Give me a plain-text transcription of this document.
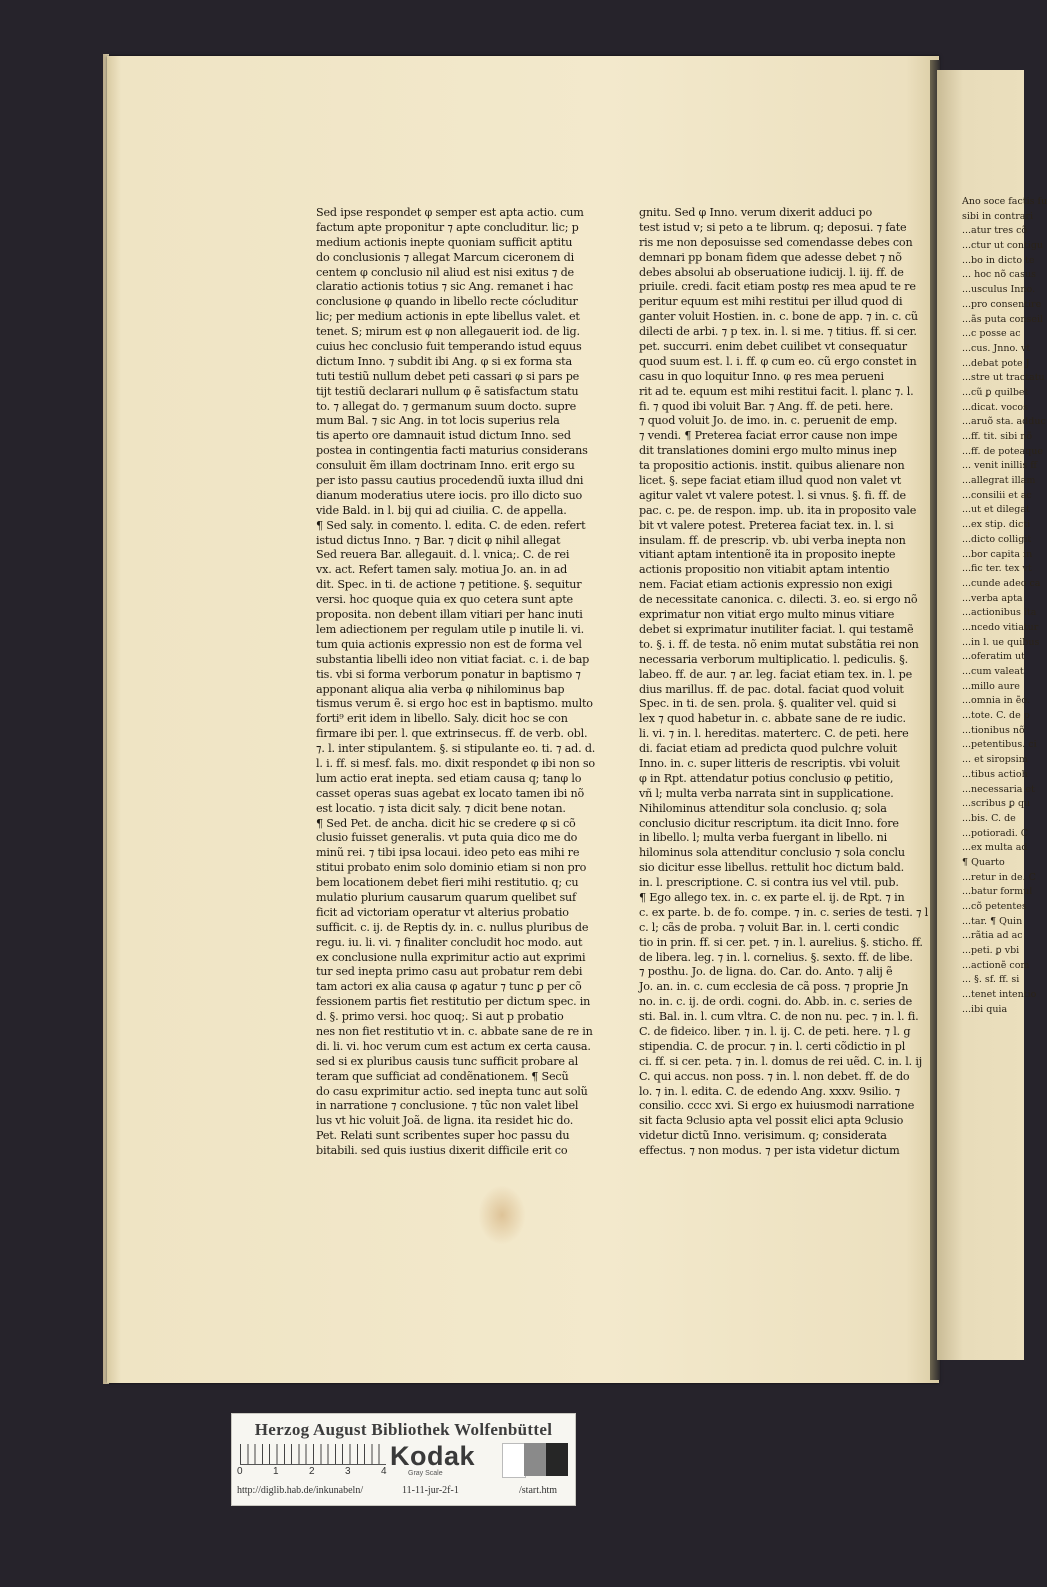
Sed ipse respondet φ semper est apta actio. cum
factum apte proponitur ⁊ apte concluditur. lic; p
medium actionis inepte quoniam sufficit aptitu
do conclusionis ⁊ allegat Marcum ciceronem di
centem φ conclusio nil aliud est nisi exitus ⁊ de
claratio actionis totius ⁊ sic Ang. remanet i hac
conclusione φ quando in libello recte cócluditur
lic; per medium actionis in epte libellus valet. et
tenet. S; mirum est φ non allegauerit iod. de lig.
cuius hec conclusio fuit temperando istud equus
dictum Inno. ⁊ subdit ibi Ang. φ si ex forma sta
tuti testiũ nullum debet peti cassari φ si pars pe
tijt testiũ declarari nullum φ ẽ satisfactum statu
to. ⁊ allegat do. ⁊ germanum suum docto. supre
mum Bal. ⁊ sic Ang. in tot locis superius rela
tis aperto ore damnauit istud dictum Inno. sed
postea in contingentia facti maturius considerans
consuluit ẽm illam doctrinam Inno. erit ergo su
per isto passu cautius procedendũ iuxta illud dni
dianum moderatius utere iocis. pro illo dicto suo
vide Bald. in l. bij qui ad ciuilia. C. de appella.
¶ Sed saly. in comento. l. edita. C. de eden. refert
istud dictus Inno. ⁊ Bar. ⁊ dicit φ nihil allegat
Sed reuera Bar. allegauit. d. l. vnica;. C. de rei
vx. act. Refert tamen saly. motiua Jo. an. in ad
dit. Spec. in ti. de actione ⁊ petitione. §. sequitur
versi. hoc quoque quia ex quo cetera sunt apte
proposita. non debent illam vitiari per hanc inuti
lem adiectionem per regulam utile p inutile li. vi.
tum quia actionis expressio non est de forma vel
substantia libelli ideo non vitiat faciat. c. i. de bap
tis. vbi si forma verborum ponatur in baptismo ⁊
apponant aliqua alia verba φ nihilominus bap
tismus verum ẽ. si ergo hoc est in baptismo. multo
forti⁹ erit idem in libello. Saly. dicit hoc se con
firmare ibi per. l. que extrinsecus. ff. de verb. obl.
⁊. l. inter stipulantem. §. si stipulante eo. ti. ⁊ ad. d.
l. i. ff. si mesf. fals. mo. dixit respondet φ ibi non so
lum actio erat inepta. sed etiam causa q; tanφ lo
casset operas suas agebat ex locato tamen ibi nõ
est locatio. ⁊ ista dicit saly. ⁊ dicit bene notan.
¶ Sed Pet. de ancha. dicit hic se credere φ si cõ
clusio fuisset generalis. vt puta quia dico me do
minũ rei. ⁊ tibi ipsa locaui. ideo peto eas mihi re
stitui probato enim solo dominio etiam si non pro
bem locationem debet fieri mihi restitutio. q; cu
mulatio plurium causarum quarum quelibet suf
ficit ad victoriam operatur vt alterius probatio
sufficit. c. ij. de Reptis dy. in. c. nullus pluribus de
regu. iu. li. vi. ⁊ finaliter concludit hoc modo. aut
ex conclusione nulla exprimitur actio aut exprimi
tur sed inepta primo casu aut probatur rem debi
tam actori ex alia causa φ agatur ⁊ tunc ꝑ per cõ
fessionem partis fiet restitutio per dictum spec. in
d. §. primo versi. hoc quoq;. Si aut p probatio
nes non fiet restitutio vt in. c. abbate sane de re in
di. li. vi. hoc verum cum est actum ex certa causa.
sed si ex pluribus causis tunc sufficit probare al
teram que sufficiat ad condẽnationem. ¶ Secũ
do casu exprimitur actio. sed inepta tunc aut solũ
in narratione ⁊ conclusione. ⁊ tũc non valet libel
lus vt hic voluit Joã. de ligna. ita residet hic do.
Pet. Relati sunt scribentes super hoc passu du
bitabili. sed quis iustius dixerit difficile erit co
gnitu. Sed φ Inno. verum dixerit adduci po
test istud v; si peto a te librum. q; deposui. ⁊ fate
ris me non deposuisse sed comendasse debes con
demnari pp bonam fidem que adesse debet ⁊ nõ
debes absolui ab obseruatione iudicij. l. iij. ff. de
priuile. credi. facit etiam postφ res mea apud te re
peritur equum est mihi restitui per illud quod di
ganter voluit Hostien. in. c. bone de app. ⁊ in. c. cũ
dilecti de arbi. ⁊ p tex. in. l. si me. ⁊ titius. ff. si cer.
pet. succurri. enim debet cuilibet vt consequatur
quod suum est. l. i. ff. φ cum eo. cũ ergo constet in
casu in quo loquitur Inno. φ res mea perueni
rit ad te. equum est mihi restitui facit. l. planc ⁊. l.
fi. ⁊ quod ibi voluit Bar. ⁊ Ang. ff. de peti. here.
⁊ quod voluit Jo. de imo. in. c. peruenit de emp.
⁊ vendi. ¶ Preterea faciat error cause non impe
dit translationes domini ergo multo minus inep
ta propositio actionis. instit. quibus alienare non
licet. §. sepe faciat etiam illud quod non valet vt
agitur valet vt valere potest. l. si vnus. §. fi. ff. de
pac. c. pe. de respon. imp. ub. ita in proposito vale
bit vt valere potest. Preterea faciat tex. in. l. si
insulam. ff. de prescrip. vb. ubi verba inepta non
vitiant aptam intentionẽ ita in proposito inepte
actionis propositio non vitiabit aptam intentio
nem. Faciat etiam actionis expressio non exigi
de necessitate canonica. c. dilecti. 3. eo. si ergo nõ
exprimatur non vitiat ergo multo minus vitiare
debet si exprimatur inutiliter faciat. l. qui testamẽ
to. §. i. ff. de testa. nõ enim mutat substãtia rei non
necessaria verborum multiplicatio. l. pediculis. §.
labeo. ff. de aur. ⁊ ar. leg. faciat etiam tex. in. l. pe
dius marillus. ff. de pac. dotal. faciat quod voluit
Spec. in ti. de sen. prola. §. qualiter vel. quid si
lex ⁊ quod habetur in. c. abbate sane de re iudic.
li. vi. ⁊ in. l. hereditas. materterc. C. de peti. here
di. faciat etiam ad predicta quod pulchre voluit
Inno. in. c. super litteris de rescriptis. vbi voluit
φ in Rpt. attendatur potius conclusio φ petitio,
vñ l; multa verba narrata sint in supplicatione.
Nihilominus attenditur sola conclusio. q; sola
conclusio dicitur rescriptum. ita dicit Inno. fore
in libello. l; multa verba fuergant in libello. ni
hilominus sola attenditur conclusio ⁊ sola conclu
sio dicitur esse libellus. rettulit hoc dictum bald.
in. l. prescriptione. C. si contra ius vel vtil. pub.
¶ Ego allego tex. in. c. ex parte el. ij. de Rpt. ⁊ in
c. ex parte. b. de fo. compe. ⁊ in. c. series de testi. ⁊ l
c. l; cãs de proba. ⁊ voluit Bar. in. l. certi condic
tio in prin. ff. si cer. pet. ⁊ in. l. aurelius. §. sticho. ff.
de libera. leg. ⁊ in. l. cornelius. §. sexto. ff. de libe.
⁊ posthu. Jo. de ligna. do. Car. do. Anto. ⁊ alij ẽ
Jo. an. in. c. cum ecclesia de cã poss. ⁊ proprie Jn
no. in. c. ij. de ordi. cogni. do. Abb. in. c. series de
sti. Bal. in. l. cum vltra. C. de non nu. pec. ⁊ in. l. fi.
C. de fideico. liber. ⁊ in. l. ij. C. de peti. here. ⁊ l. g
stipendia. C. de procur. ⁊ in. l. certi cõdictio in pl
ci. ff. si cer. peta. ⁊ in. l. domus de rei uẽd. C. in. l. ij
C. qui accus. non poss. ⁊ in. l. non debet. ff. de do
lo. ⁊ in. l. edita. C. de edendo Ang. xxxv. 9silio. ⁊
consilio. cccc xvi. Si ergo ex huiusmodi narratione
sit facta 9clusio apta vel possit elici apta 9clusio
videtur dictũ Inno. verisimum. q; considerata
effectus. ⁊ non modus. ⁊ per ista videtur dictum
Ano soce factis fu
sibi in contrari
...atur tres cõ
...ctur ut contigu
...bo in dicto te
... hoc nõ casus
...usculus Inno.
...pro consentire
...ãs puta conseil
...c posse ac
...cus. Jnno. vt
...debat pote J
...stre ut tractatu
...cũ ꝑ quilbet
...dicat. vocos
...aruõ sta. adduc
...ff. tit. sibi nõ
...ff. de poteaque
... venit inillis ff
...allegrat illam
...consilii et ac
...ut et dilegat
...ex stip. dicti
...dicto colligit
...bor capita in
...fic ter. tex vt
...cunde adeo ca
...verba apta
...actionibus ita
...ncedo vitiatur
...in l. ue quibus
...oferatim ut
...cum valeat
...millo aure
...omnia in ẽo.
...tote. C. de p
...tionibus nõ
...petentibus. ci
... et siropsim
...tibus actioh
...necessaria et
...scribus ꝑ qu
...bis. C. de
...potioradi. C
...ex multa ad
¶ Quarto
...retur in de. C
...batur formul
...cõ petentes
...tar. ¶ Quin
...rãtia ad ac
...peti. ꝑ vbi
...actionẽ com
... §. sf. ff. si
...tenet intentio
...ibi quia
Herzog August Bibliothek Wolfenbüttel
0	1	2	3	4
Kodak
Gray Scale
http://diglib.hab.de/inkunabeln/	11-11-jur-2f-1	/start.htm
